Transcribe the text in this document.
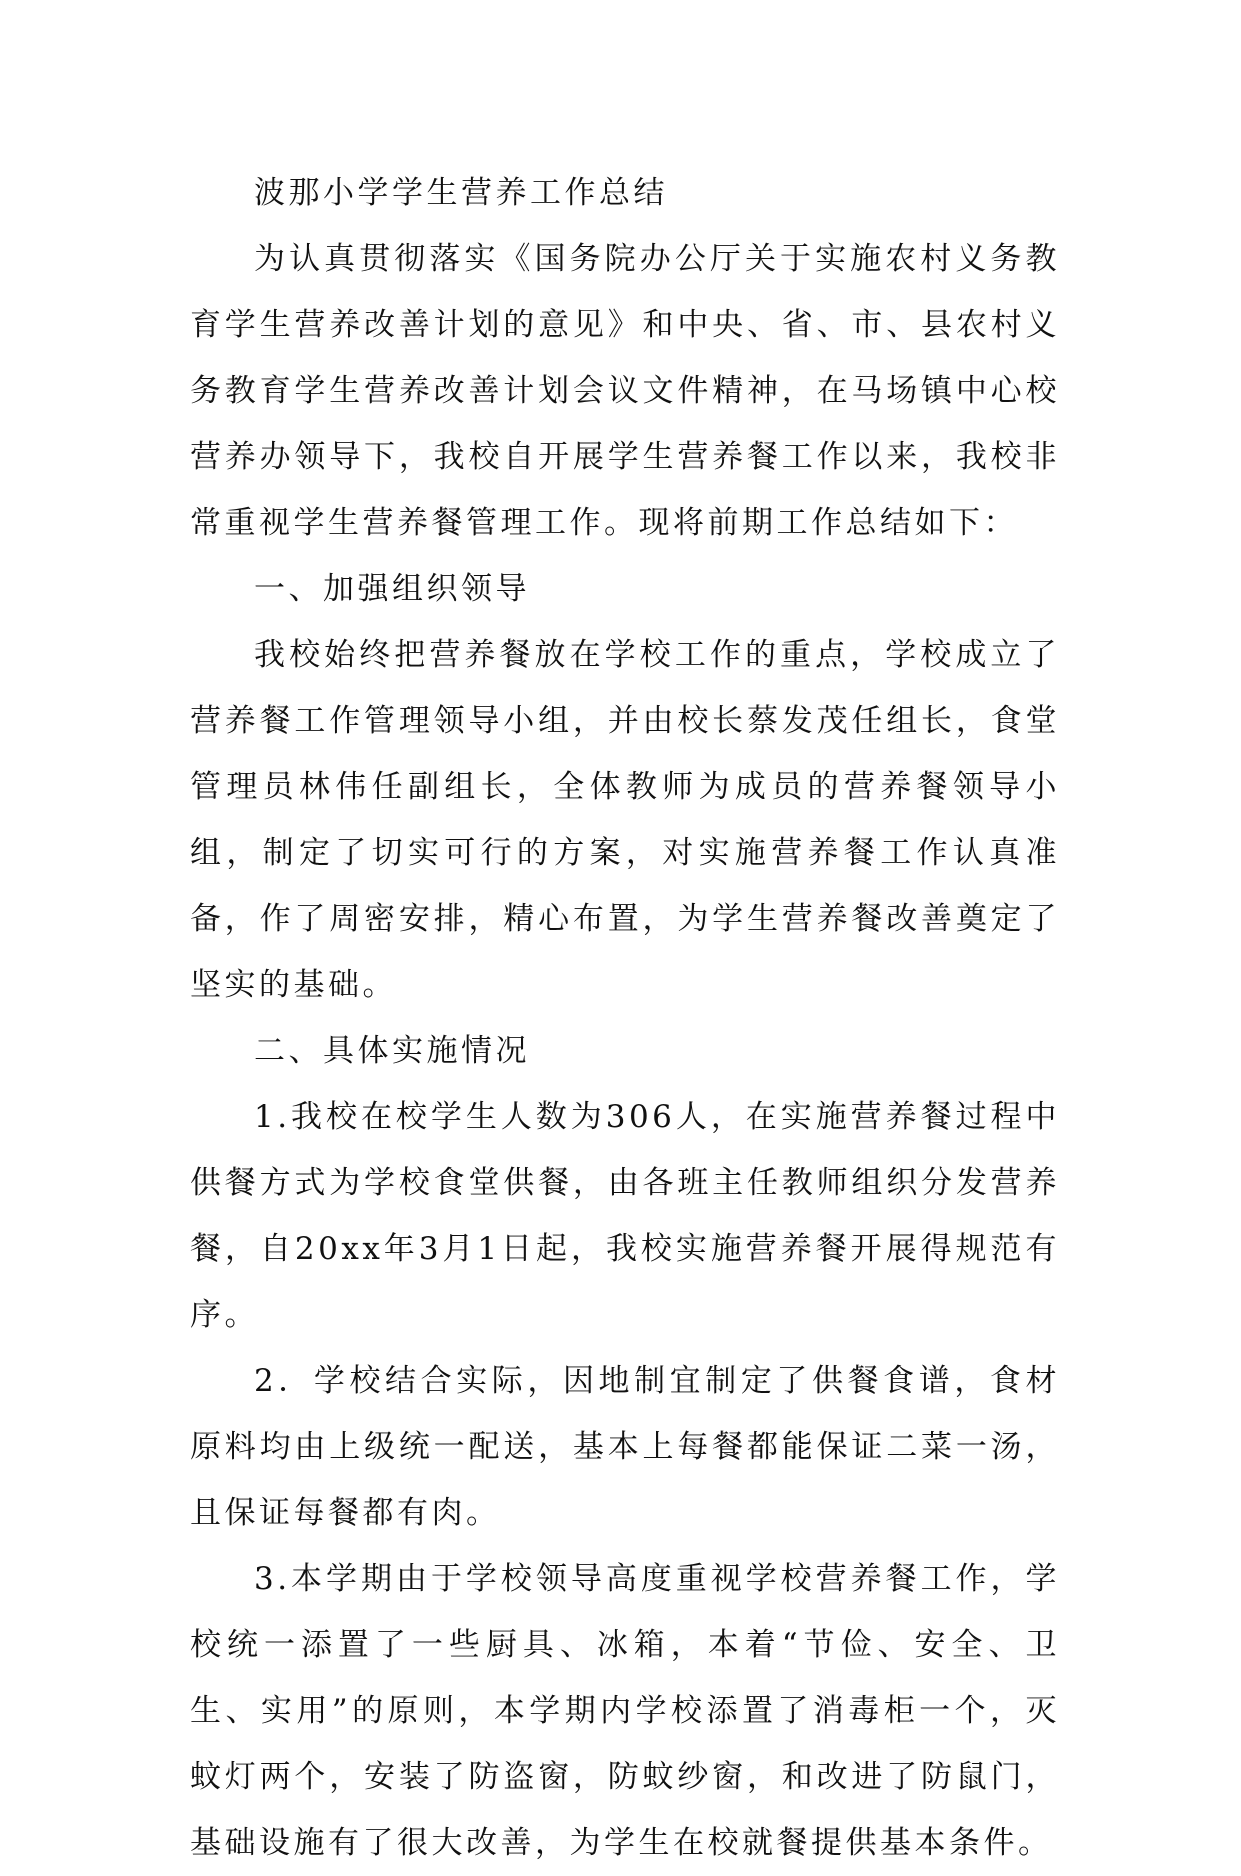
波那小学学生营养工作总结

为认真贯彻落实《国务院办公厅关于实施农村义务教育学生营养改善计划的意见》和中央、省、市、县农村义务教育学生营养改善计划会议文件精神，在马场镇中心校营养办领导下，我校自开展学生营养餐工作以来，我校非常重视学生营养餐管理工作。现将前期工作总结如下：

一、加强组织领导

我校始终把营养餐放在学校工作的重点，学校成立了营养餐工作管理领导小组，并由校长蔡发茂任组长，食堂管理员林伟任副组长，全体教师为成员的营养餐领导小组，制定了切实可行的方案，对实施营养餐工作认真准备，作了周密安排，精心布置，为学生营养餐改善奠定了坚实的基础。

二、具体实施情况

1.我校在校学生人数为306人，在实施营养餐过程中供餐方式为学校食堂供餐，由各班主任教师组织分发营养餐，自20xx年3月1日起，我校实施营养餐开展得规范有序。

2．学校结合实际，因地制宜制定了供餐食谱，食材原料均由上级统一配送，基本上每餐都能保证二菜一汤，且保证每餐都有肉。

3.本学期由于学校领导高度重视学校营养餐工作，学校统一添置了一些厨具、冰箱，本着“节俭、安全、卫生、实用”的原则，本学期内学校添置了消毒柜一个，灭蚊灯两个，安装了防盗窗，防蚊纱窗，和改进了防鼠门，基础设施有了很大改善，为学生在校就餐提供基本条件。
